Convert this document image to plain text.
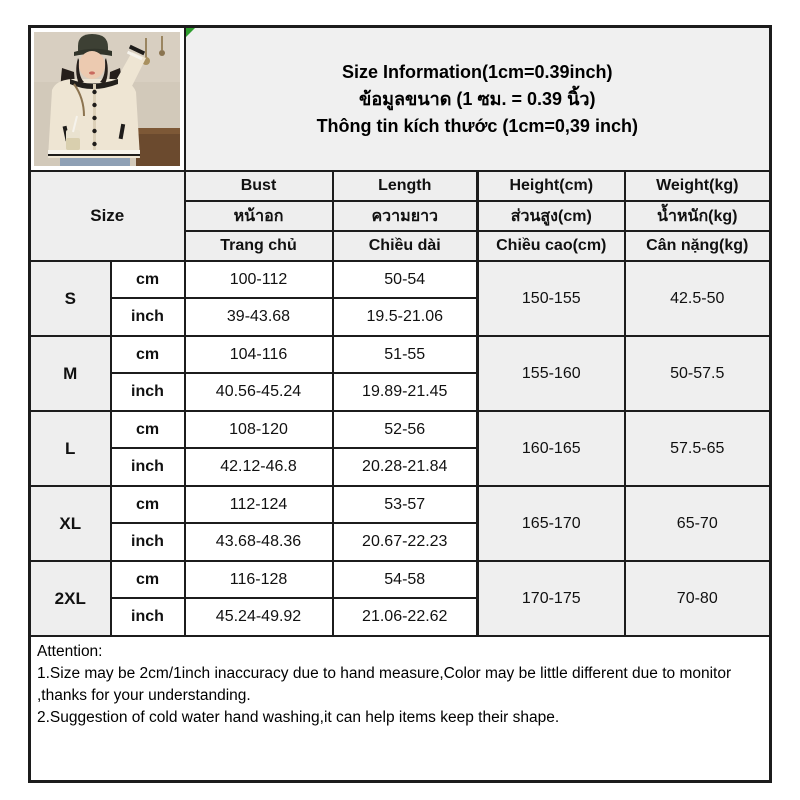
Size Information(1cm=0.39inch)
ข้อมูลขนาด (1 ซม. = 0.39 นิ้ว)
Thông tin kích thước (1cm=0,39 inch)			

Size		Bust	Length	Height(cm)	Weight(kg)
		หน้าอก	ความยาว	ส่วนสูง(cm)	น้ำหนัก(kg)
		Trang chủ	Chiều dài	Chiều cao(cm)	Cân nặng(kg)
S	cm	100-112	50-54	150-155	42.5-50
	inch	39-43.68	19.5-21.06		
M	cm	104-116	51-55	155-160	50-57.5
	inch	40.56-45.24	19.89-21.45		
L	cm	108-120	52-56	160-165	57.5-65
	inch	42.12-46.8	20.28-21.84		
XL	cm	112-124	53-57	165-170	65-70
	inch	43.68-48.36	20.67-22.23		
2XL	cm	116-128	54-58	170-175	70-80
	inch	45.24-49.92	21.06-22.62		

Attention:
1.Size may be 2cm/1inch inaccuracy due to hand measure,Color may be little different due to monitor ,thanks for your understanding.
2.Suggestion of cold water hand washing,it can help items keep their shape.					
